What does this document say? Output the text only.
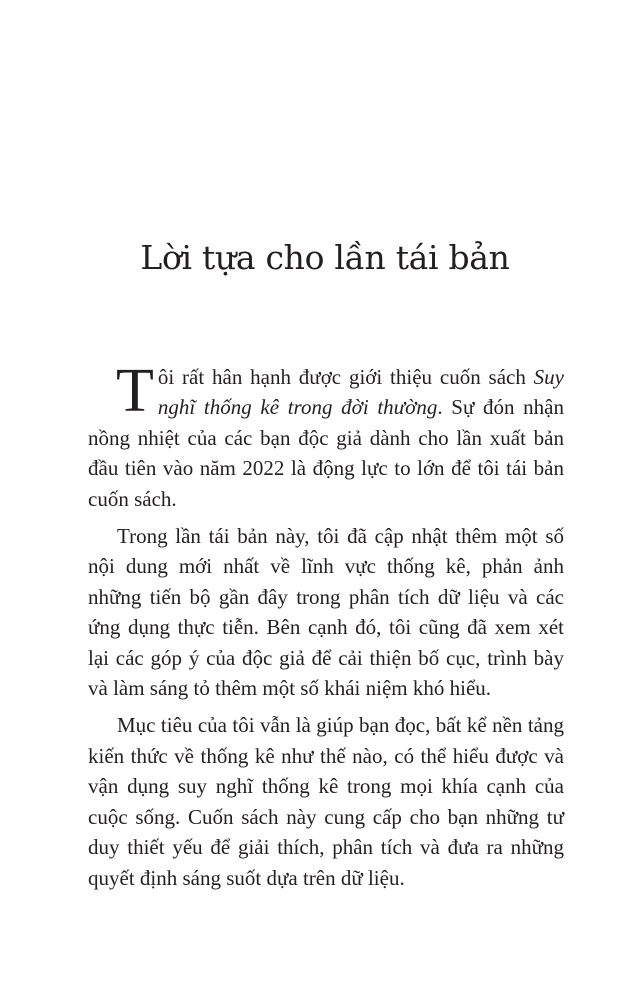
Lời tựa cho lần tái bản

Tôi rất hân hạnh được giới thiệu cuốn sách Suy nghĩ thống kê trong đời thường. Sự đón nhận nồng nhiệt của các bạn độc giả dành cho lần xuất bản đầu tiên vào năm 2022 là động lực to lớn để tôi tái bản cuốn sách.

Trong lần tái bản này, tôi đã cập nhật thêm một số nội dung mới nhất về lĩnh vực thống kê, phản ảnh những tiến bộ gần đây trong phân tích dữ liệu và các ứng dụng thực tiễn. Bên cạnh đó, tôi cũng đã xem xét lại các góp ý của độc giả để cải thiện bố cục, trình bày và làm sáng tỏ thêm một số khái niệm khó hiểu.

Mục tiêu của tôi vẫn là giúp bạn đọc, bất kể nền tảng kiến thức về thống kê như thế nào, có thể hiểu được và vận dụng suy nghĩ thống kê trong mọi khía cạnh của cuộc sống. Cuốn sách này cung cấp cho bạn những tư duy thiết yếu để giải thích, phân tích và đưa ra những quyết định sáng suốt dựa trên dữ liệu.
